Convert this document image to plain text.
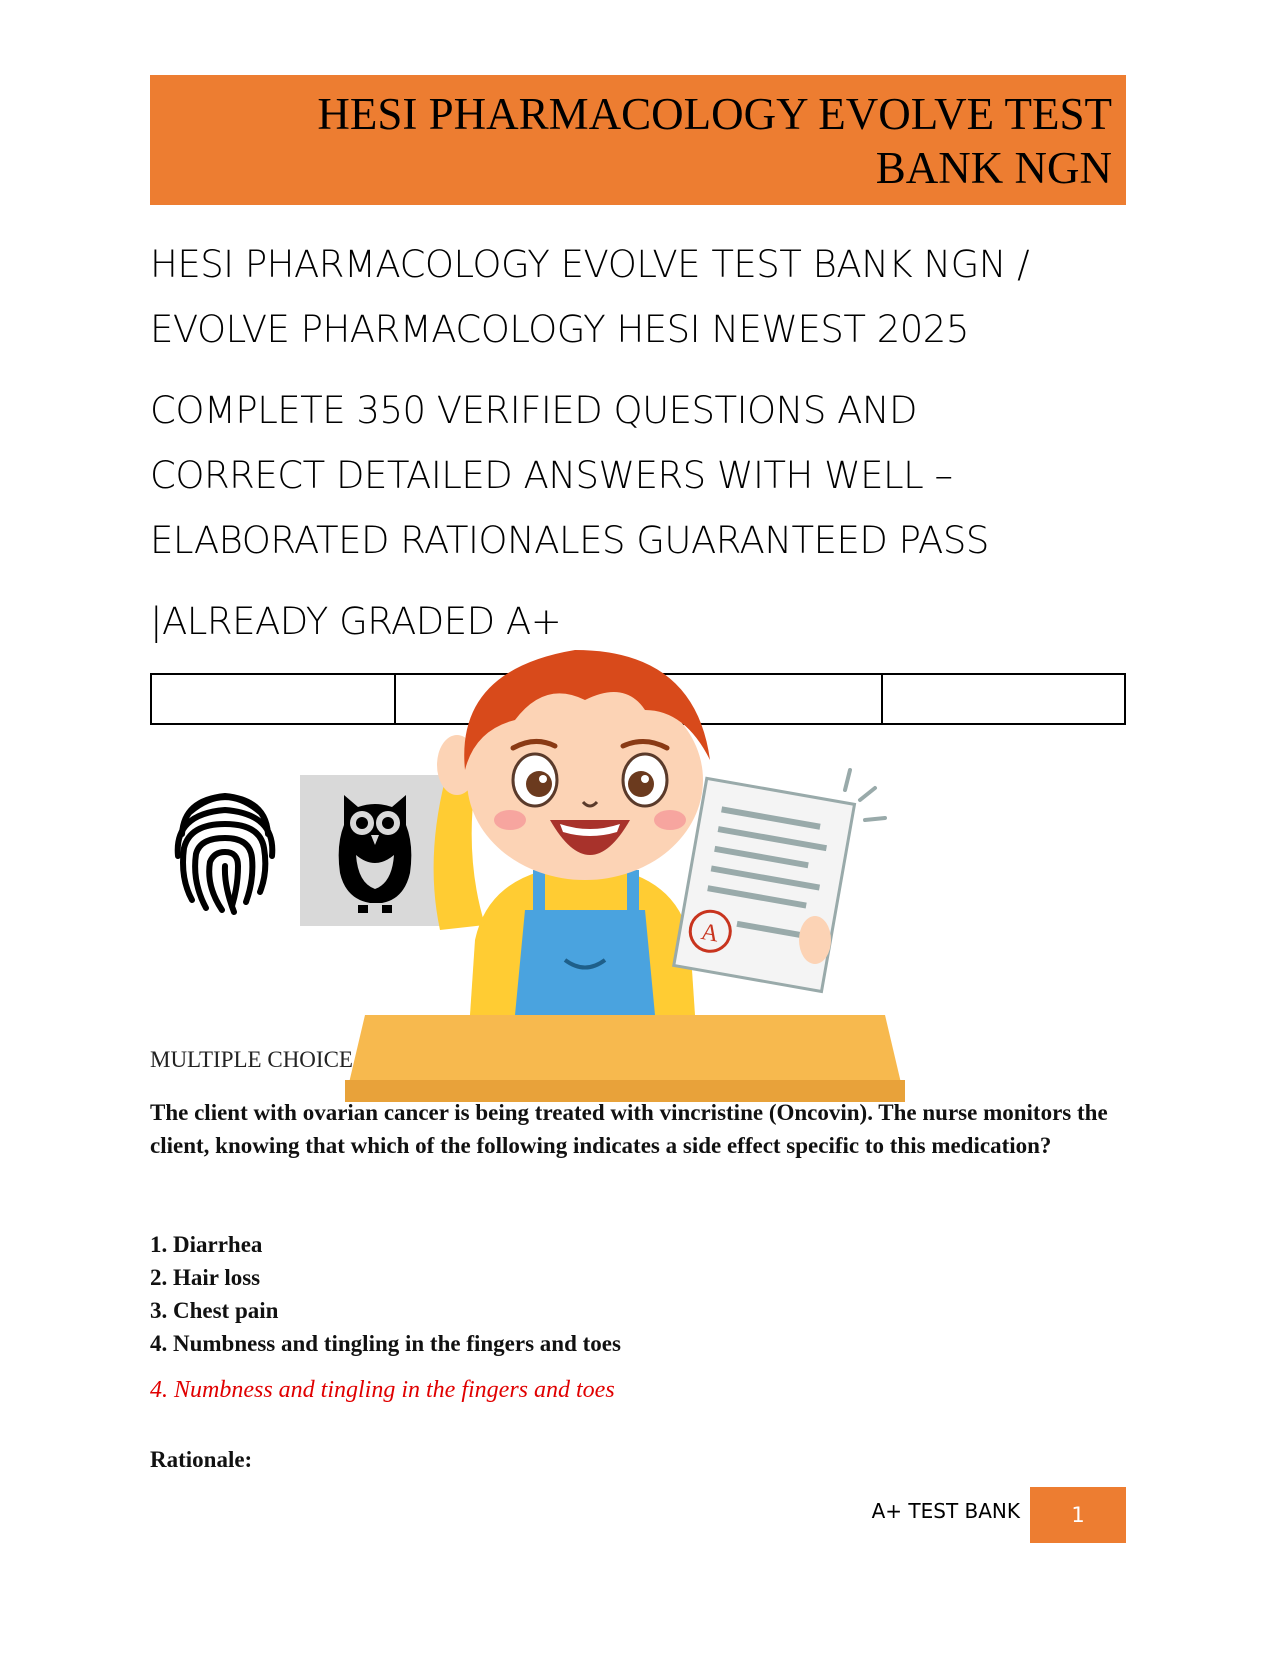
HESI PHARMACOLOGY EVOLVE TEST
BANK NGN
HESI PHARMACOLOGY EVOLVE TEST BANK NGN /
EVOLVE PHARMACOLOGY HESI NEWEST 2025
COMPLETE 350 VERIFIED QUESTIONS AND
CORRECT DETAILED ANSWERS WITH WELL –
ELABORATED RATIONALES GUARANTEED PASS
|ALREADY GRADED A+
A
MULTIPLE CHOICE
The client with ovarian cancer is being treated with vincristine (Oncovin). The nurse monitors the client, knowing that which of the following indicates a side effect specific to this medication?
1. Diarrhea
2. Hair loss
3. Chest pain
4. Numbness and tingling in the fingers and toes
4. Numbness and tingling in the fingers and toes
Rationale:
A+ TEST BANK	1
